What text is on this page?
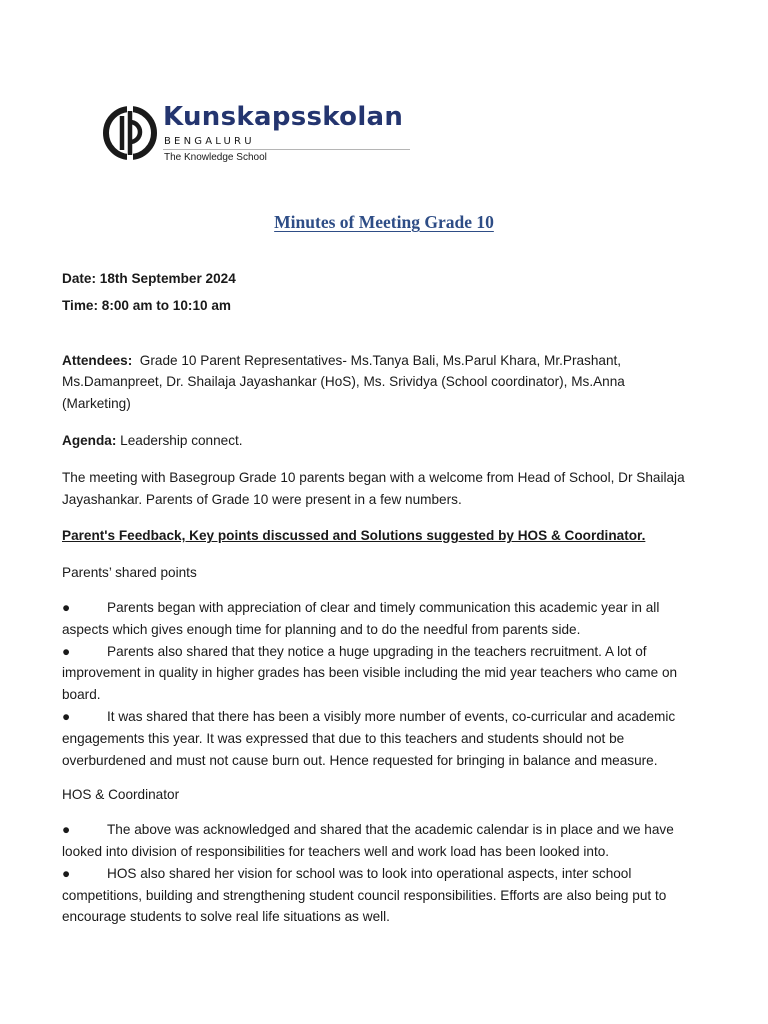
Kunskapsskolan
BENGALURU
The Knowledge School
Minutes of Meeting Grade 10

Date: 18th September 2024

Time: 8:00 am to 10:10 am

Attendees:  Grade 10 Parent Representatives- Ms.Tanya Bali, Ms.Parul Khara, Mr.Prashant, Ms.Damanpreet, Dr. Shailaja Jayashankar (HoS), Ms. Srividya (School coordinator), Ms.Anna (Marketing)

Agenda: Leadership connect.

The meeting with Basegroup Grade 10 parents began with a welcome from Head of School, Dr Shailaja Jayashankar. Parents of Grade 10 were present in a few numbers.

Parent's Feedback, Key points discussed and Solutions suggested by HOS & Coordinator.

Parents’ shared points

●	Parents began with appreciation of clear and timely communication this academic year in all aspects which gives enough time for planning and to do the needful from parents side.

●	Parents also shared that they notice a huge upgrading in the teachers recruitment. A lot of improvement in quality in higher grades has been visible including the mid year teachers who came on board.

●	It was shared that there has been a visibly more number of events, co-curricular and academic engagements this year. It was expressed that due to this teachers and students should not be overburdened and must not cause burn out. Hence requested for bringing in balance and measure.

HOS & Coordinator

●	The above was acknowledged and shared that the academic calendar is in place and we have looked into division of responsibilities for teachers well and work load has been looked into.

●	HOS also shared her vision for school was to look into operational aspects, inter school competitions, building and strengthening student council responsibilities. Efforts are also being put to encourage students to solve real life situations as well.
